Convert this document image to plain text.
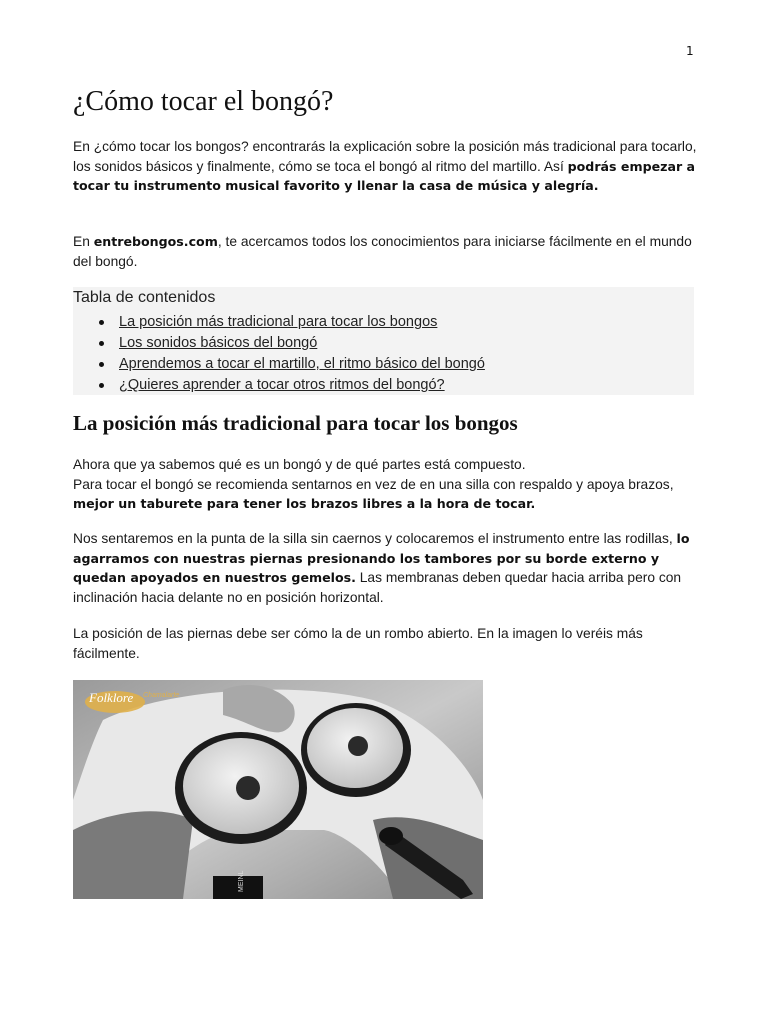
1
¿Cómo tocar el bongó?

En ¿cómo tocar los bongos? encontrarás la explicación sobre la posición más tradicional para tocarlo, los sonidos básicos y finalmente, cómo se toca el bongó al ritmo del martillo. Así podrás empezar a tocar tu instrumento musical favorito y llenar la casa de música y alegría.

En entrebongos.com, te acercamos todos los conocimientos para iniciarse fácilmente en el mundo del bongó.

Tabla de contenidos
La posición más tradicional para tocar los bongos
Los sonidos básicos del bongó
Aprendemos a tocar el martillo, el ritmo básico del bongó
¿Quieres aprender a tocar otros ritmos del bongó?
La posición más tradicional para tocar los bongos

Ahora que ya sabemos qué es un bongó y de qué partes está compuesto.
Para tocar el bongó se recomienda sentarnos en vez de en una silla con respaldo y apoya brazos, mejor un taburete para tener los brazos libres a la hora de tocar.

Nos sentaremos en la punta de la silla sin caernos y colocaremos el instrumento entre las rodillas, lo agarramos con nuestras piernas presionando los tambores por su borde externo y quedan apoyados en nuestros gemelos. Las membranas deben quedar hacia arriba pero con inclinación hacia delante no en posición horizontal.

La posición de las piernas debe ser cómo la de un rombo abierto. En la imagen lo veréis más fácilmente.

Folklore Chamalarte
MEINL
